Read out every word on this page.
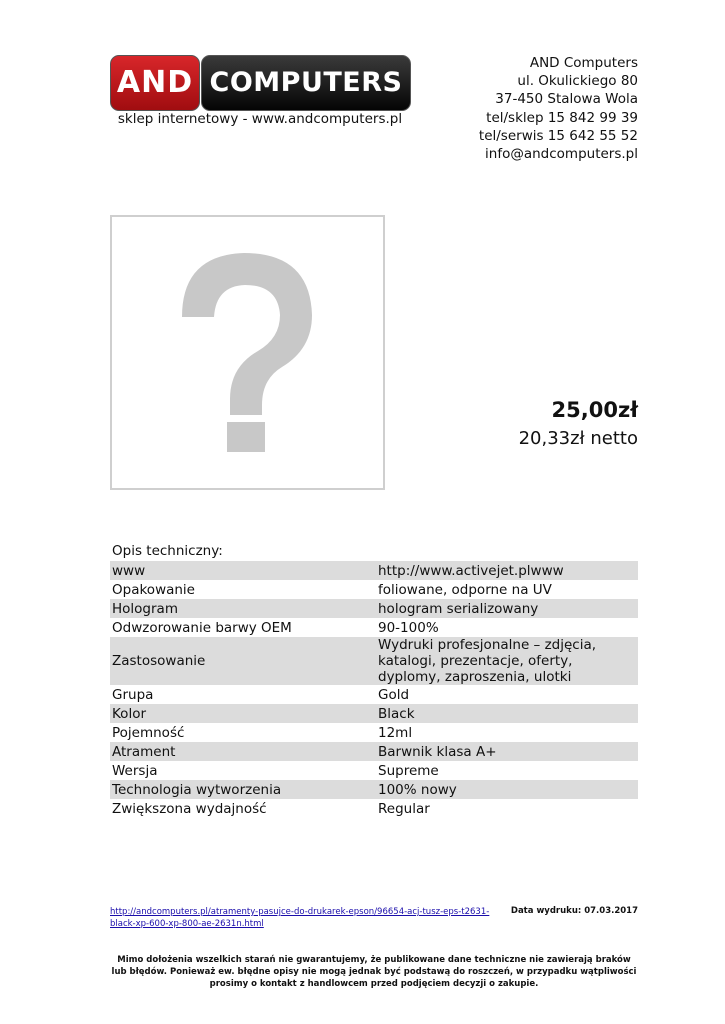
AND COMPUTERS
sklep internetowy - www.andcomputers.pl
AND Computers
ul. Okulickiego 80
37-450 Stalowa Wola
tel/sklep 15 842 99 39
tel/serwis 15 642 55 52
info@andcomputers.pl
25,00zł
20,33zł netto
Opis techniczny:
www	http://www.activejet.plwww
Opakowanie	foliowane, odporne na UV
Hologram	hologram serializowany
Odwzorowanie barwy OEM	90-100%
Zastosowanie	Wydruki profesjonalne – zdjęcia, katalogi, prezentacje, oferty, dyplomy, zaproszenia, ulotki
Grupa	Gold
Kolor	Black
Pojemność	12ml
Atrament	Barwnik klasa A+
Wersja	Supreme
Technologia wytworzenia	100% nowy
Zwiększona wydajność	Regular
http://andcomputers.pl/atramenty-pasujce-do-drukarek-epson/96654-acj-tusz-eps-t2631-black-xp-600-xp-800-ae-2631n.html
Data wydruku: 07.03.2017
Mimo dołożenia wszelkich starań nie gwarantujemy, że publikowane dane techniczne nie zawierają braków lub błędów. Ponieważ ew. błędne opisy nie mogą jednak być podstawą do roszczeń, w przypadku wątpliwości prosimy o kontakt z handlowcem przed podjęciem decyzji o zakupie.
